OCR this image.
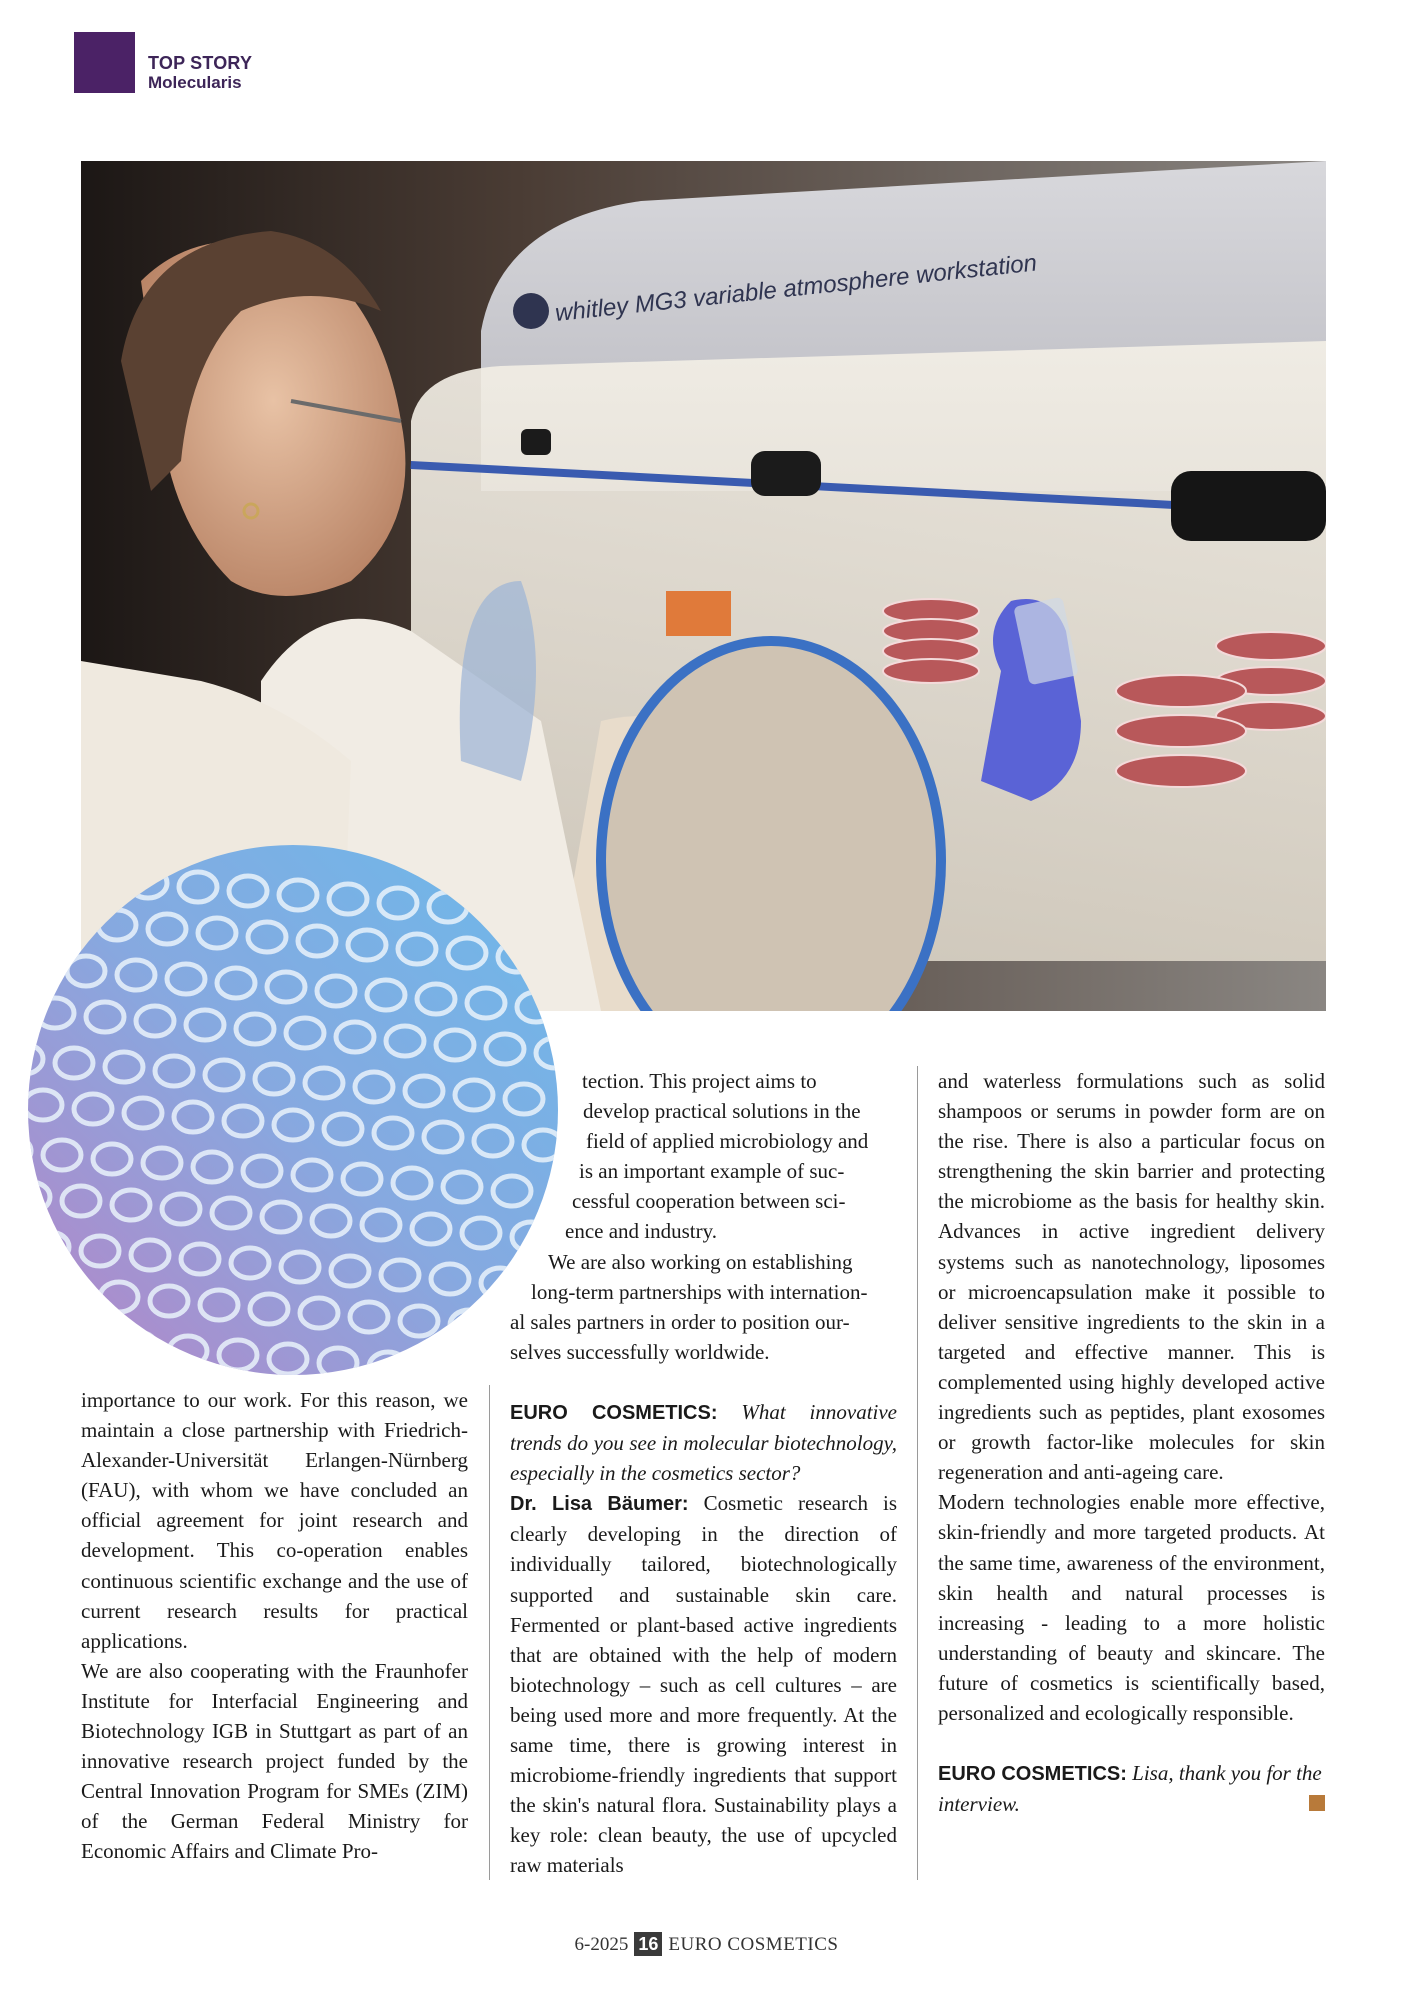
TOP STORY
Molecularis
whitley MG3 variable atmosphere workstation

importance to our work. For this reason, we maintain a close partnership with Friedrich-Alexander-Universität Erlangen-Nürnberg (FAU), with whom we have concluded an official agreement for joint research and development. This co-operation enables continuous scientific exchange and the use of current research results for practical applications.

We are also cooperating with the Fraunhofer Institute for Interfacial Engineering and Biotechnology IGB in Stuttgart as part of an innovative research project funded by the Central Innovation Program for SMEs (ZIM) of the German Federal Ministry for Economic Affairs and Climate Pro-

tection. This project aims to
develop practical solutions in the
field of applied microbiology and
is an important example of suc-
cessful cooperation between sci-
ence and industry.
We are also working on establishing
long-term partnerships with internation-
al sales partners in order to position our-
selves successfully worldwide.

EURO COSMETICS: What innovative trends do you see in molecular biotechnology, especially in the cosmetics sector?

Dr. Lisa Bäumer: Cosmetic research is clearly developing in the direction of individually tailored, biotechnologically supported and sustainable skin care. Fermented or plant-based active ingredients that are obtained with the help of modern biotechnology – such as cell cultures – are being used more and more frequently. At the same time, there is growing interest in microbiome-friendly ingredients that support the skin's natural flora. Sustainability plays a key role: clean beauty, the use of upcycled raw materials

and waterless formulations such as solid shampoos or serums in powder form are on the rise. There is also a particular focus on strengthening the skin barrier and protecting the microbiome as the basis for healthy skin. Advances in active ingredient delivery systems such as nanotechnology, liposomes or microencapsulation make it possible to deliver sensitive ingredients to the skin in a targeted and effective manner. This is complemented using highly developed active ingredients such as peptides, plant exosomes or growth factor-like molecules for skin regeneration and anti-ageing care.

Modern technologies enable more effective, skin-friendly and more targeted products. At the same time, awareness of the environment, skin health and natural processes is increasing - leading to a more holistic understanding of beauty and skincare. The future of cosmetics is scientifically based, personalized and ecologically responsible.

EURO COSMETICS: Lisa, thank you for the interview.

6-2025 16 EURO COSMETICS
